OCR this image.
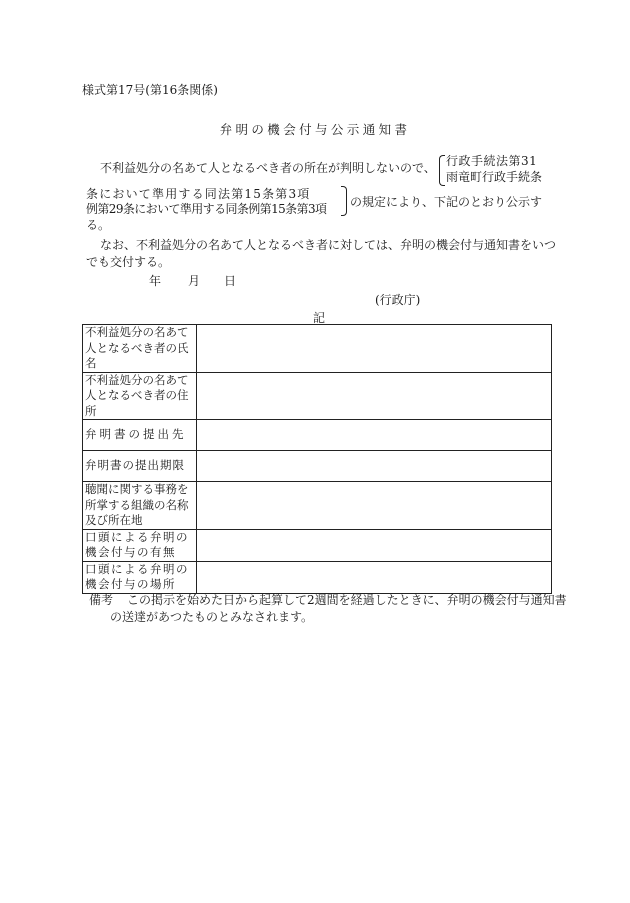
様式第17号(第16条関係)
弁明の機会付与公示通知書
不利益処分の名あて人となるべき者の所在が判明しないので、 行政手続法第31
雨竜町行政手続条
条において準用する同法第15条第3項
例第29条において準用する同条例第15条第3項 の規定により、下記のとおり公示す
る。
なお、不利益処分の名あて人となるべき者に対しては、弁明の機会付与通知書をいつ
でも交付する。
年 月 日
(行政庁)
記
不利益処分の名あて
人となるべき者の氏
名	

不利益処分の名あて
人となるべき者の住
所	

弁明書の提出先	

弁明書の提出期限	

聴聞に関する事務を
所掌する組織の名称
及び所在地	

口頭による弁明の
機会付与の有無	

口頭による弁明の
機会付与の場所	

備考 この掲示を始めた日から起算して2週間を経過したときに、弁明の機会付与通知書
の送達があつたものとみなされます。
